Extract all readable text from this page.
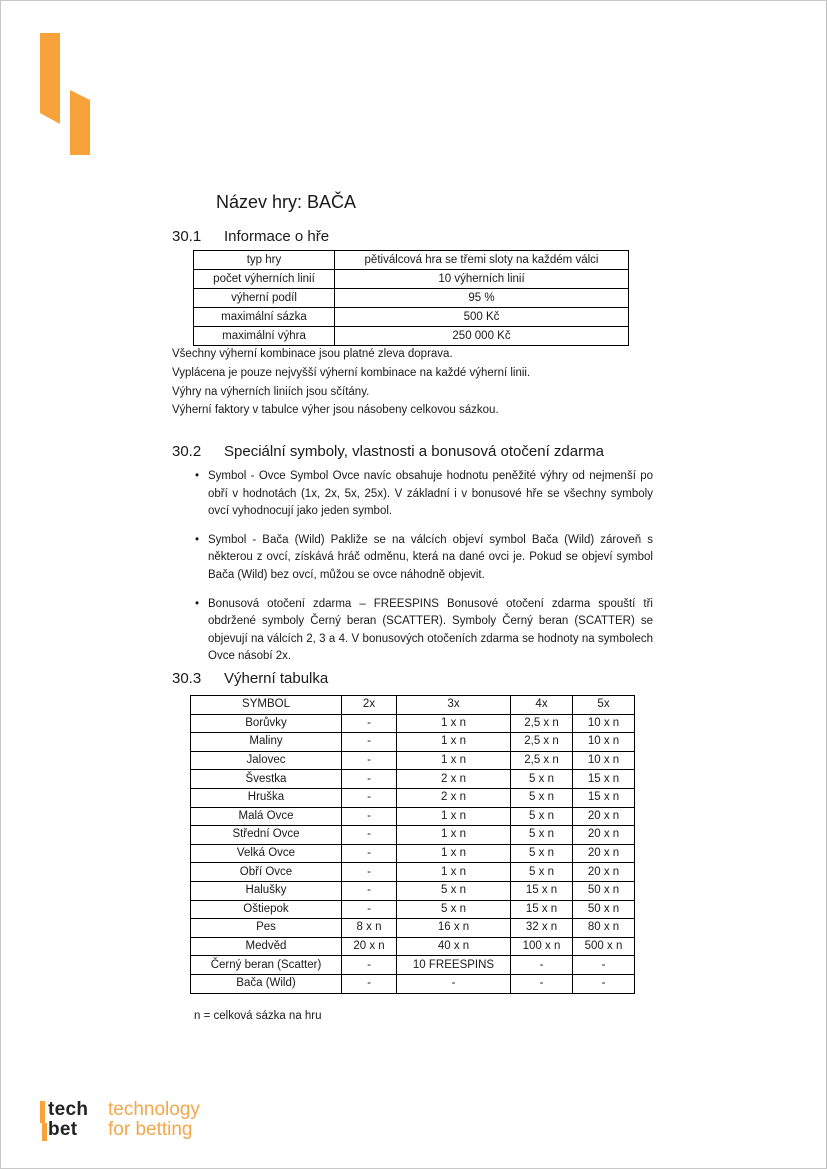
Název hry: BAČA
30.1 Informace o hře
typ hry	pětiválcová hra se třemi sloty na každém válci
počet výherních linií	10 výherních linií
výherní podíl	95 %
maximální sázka	500 Kč
maximální výhra	250 000 Kč
Všechny výherní kombinace jsou platné zleva doprava.
Vyplácena je pouze nejvyšší výherní kombinace na každé výherní linii.
Výhry na výherních liniích jsou sčítány.
Výherní faktory v tabulce výher jsou násobeny celkovou sázkou.
30.2 Speciální symboly, vlastnosti a bonusová otočení zdarma
• Symbol - Ovce Symbol Ovce navíc obsahuje hodnotu peněžité výhry od nejmenší po obří v hodnotách (1x, 2x, 5x, 25x). V základní i v bonusové hře se všechny symboly ovcí vyhodnocují jako jeden symbol.
• Symbol - Bača (Wild) Pakliže se na válcích objeví symbol Bača (Wild) zároveň s některou z ovcí, získává hráč odměnu, která na dané ovci je. Pokud se objeví symbol Bača (Wild) bez ovcí, můžou se ovce náhodně objevit.
• Bonusová otočení zdarma – FREESPINS Bonusové otočení zdarma spouští tři obdržené symboly Černý beran (SCATTER). Symboly Černý beran (SCATTER) se objevují na válcích 2, 3 a 4. V bonusových otočeních zdarma se hodnoty na symbolech Ovce násobí 2x.
30.3 Výherní tabulka
SYMBOL	2x	3x	4x	5x
Borůvky	-	1 x n	2,5 x n	10 x n
Maliny	-	1 x n	2,5 x n	10 x n
Jalovec	-	1 x n	2,5 x n	10 x n
Švestka	-	2 x n	5 x n	15 x n
Hruška	-	2 x n	5 x n	15 x n
Malá Ovce	-	1 x n	5 x n	20 x n
Střední Ovce	-	1 x n	5 x n	20 x n
Velká Ovce	-	1 x n	5 x n	20 x n
Obří Ovce	-	1 x n	5 x n	20 x n
Halušky	-	5 x n	15 x n	50 x n
Oštiepok	-	5 x n	15 x n	50 x n
Pes	8 x n	16 x n	32 x n	80 x n
Medvěd	20 x n	40 x n	100 x n	500 x n
Černý beran (Scatter)	-	10 FREESPINS	-	-
Bača (Wild)	-	-	-	-
n = celková sázka na hru
tech
bet
technology
for betting
